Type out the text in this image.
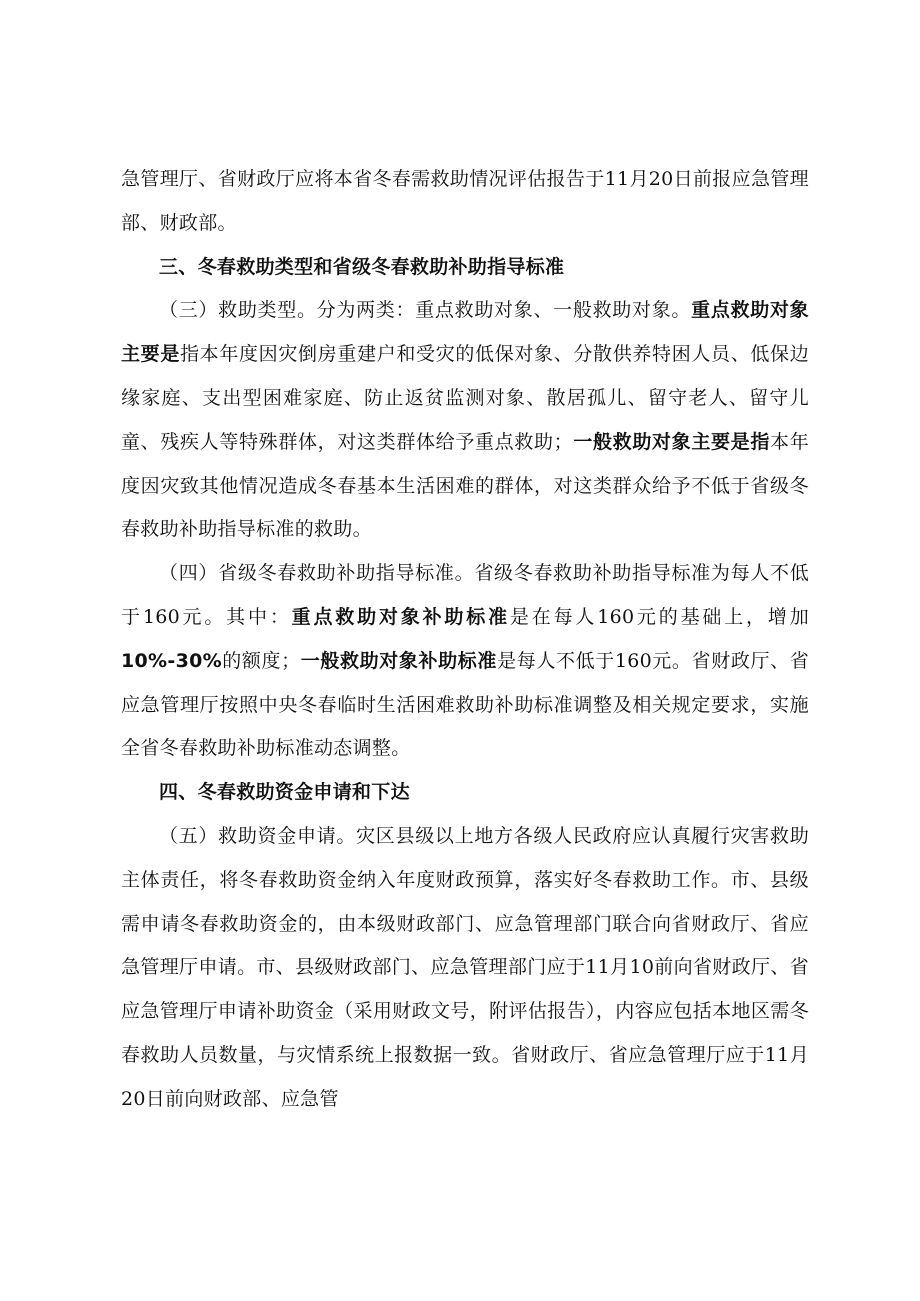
急管理厅、省财政厅应将本省冬春需救助情况评估报告于11月20日前报应急管理部、财政部。

三、冬春救助类型和省级冬春救助补助指导标准

（三）救助类型。分为两类：重点救助对象、一般救助对象。重点救助对象主要是指本年度因灾倒房重建户和受灾的低保对象、分散供养特困人员、低保边缘家庭、支出型困难家庭、防止返贫监测对象、散居孤儿、留守老人、留守儿童、残疾人等特殊群体，对这类群体给予重点救助；一般救助对象主要是指本年度因灾致其他情况造成冬春基本生活困难的群体，对这类群众给予不低于省级冬春救助补助指导标准的救助。

（四）省级冬春救助补助指导标准。省级冬春救助补助指导标准为每人不低于160元。其中：重点救助对象补助标准是在每人160元的基础上，增加10%-30%的额度；一般救助对象补助标准是每人不低于160元。省财政厅、省应急管理厅按照中央冬春临时生活困难救助补助标准调整及相关规定要求，实施全省冬春救助补助标准动态调整。

四、冬春救助资金申请和下达

（五）救助资金申请。灾区县级以上地方各级人民政府应认真履行灾害救助主体责任，将冬春救助资金纳入年度财政预算，落实好冬春救助工作。市、县级需申请冬春救助资金的，由本级财政部门、应急管理部门联合向省财政厅、省应急管理厅申请。市、县级财政部门、应急管理部门应于11月10前向省财政厅、省应急管理厅申请补助资金（采用财政文号，附评估报告），内容应包括本地区需冬春救助人员数量，与灾情系统上报数据一致。省财政厅、省应急管理厅应于11月20日前向财政部、应急管
